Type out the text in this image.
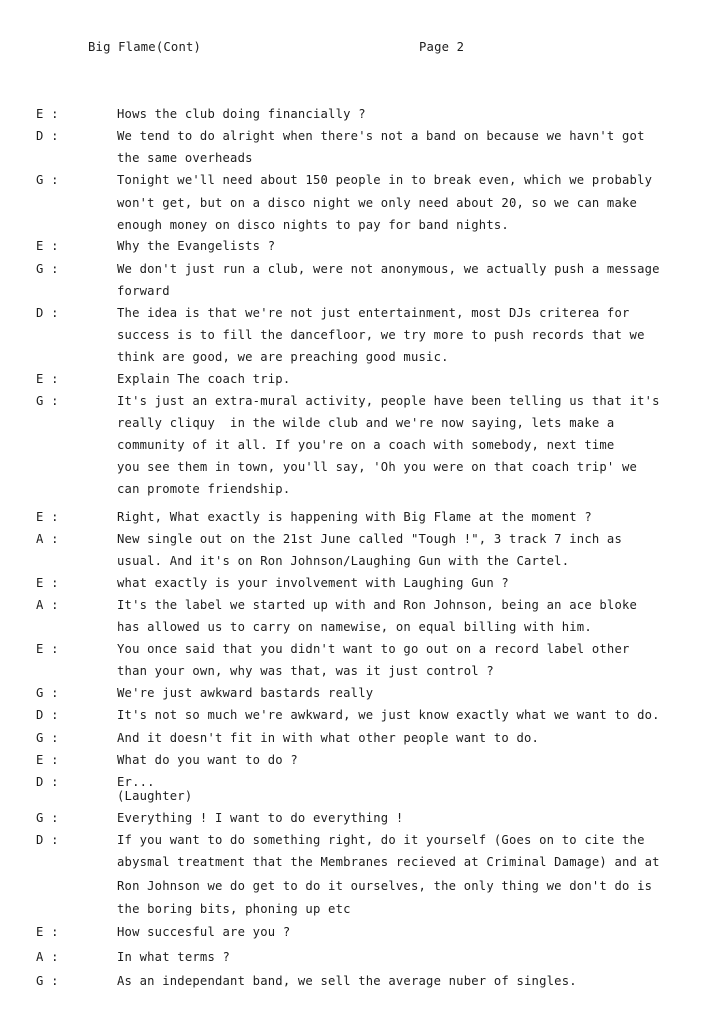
Big Flame(Cont)	Page 2
E :	Hows the club doing financially ?
D :	We tend to do alright when there's not a band on because we havn't got
the same overheads
G :	Tonight we'll need about 150 people in to break even, which we probably
won't get, but on a disco night we only need about 20, so we can make
enough money on disco nights to pay for band nights.
E :	Why the Evangelists ?
G :	We don't just run a club, were not anonymous, we actually push a message
forward
D :	The idea is that we're not just entertainment, most DJs criterea for
success is to fill the dancefloor, we try more to push records that we
think are good, we are preaching good music.
E :	Explain The coach trip.
G :	It's just an extra-mural activity, people have been telling us that it's
really cliquy  in the wilde club and we're now saying, lets make a
community of it all. If you're on a coach with somebody, next time
you see them in town, you'll say, 'Oh you were on that coach trip' we
can promote friendship.
E :	Right, What exactly is happening with Big Flame at the moment ?
A :	New single out on the 21st June called "Tough !", 3 track 7 inch as
usual. And it's on Ron Johnson/Laughing Gun with the Cartel.
E :	what exactly is your involvement with Laughing Gun ?
A :	It's the label we started up with and Ron Johnson, being an ace bloke
has allowed us to carry on namewise, on equal billing with him.
E :	You once said that you didn't want to go out on a record label other
than your own, why was that, was it just control ?
G :	We're just awkward bastards really
D :	It's not so much we're awkward, we just know exactly what we want to do.
G :	And it doesn't fit in with what other people want to do.
E :	What do you want to do ?
D :	Er...
(Laughter)
G :	Everything ! I want to do everything !
D :	If you want to do something right, do it yourself (Goes on to cite the
abysmal treatment that the Membranes recieved at Criminal Damage) and at
Ron Johnson we do get to do it ourselves, the only thing we don't do is
the boring bits, phoning up etc
E :	How succesful are you ?
A :	In what terms ?
G :	As an independant band, we sell the average nuber of singles.
